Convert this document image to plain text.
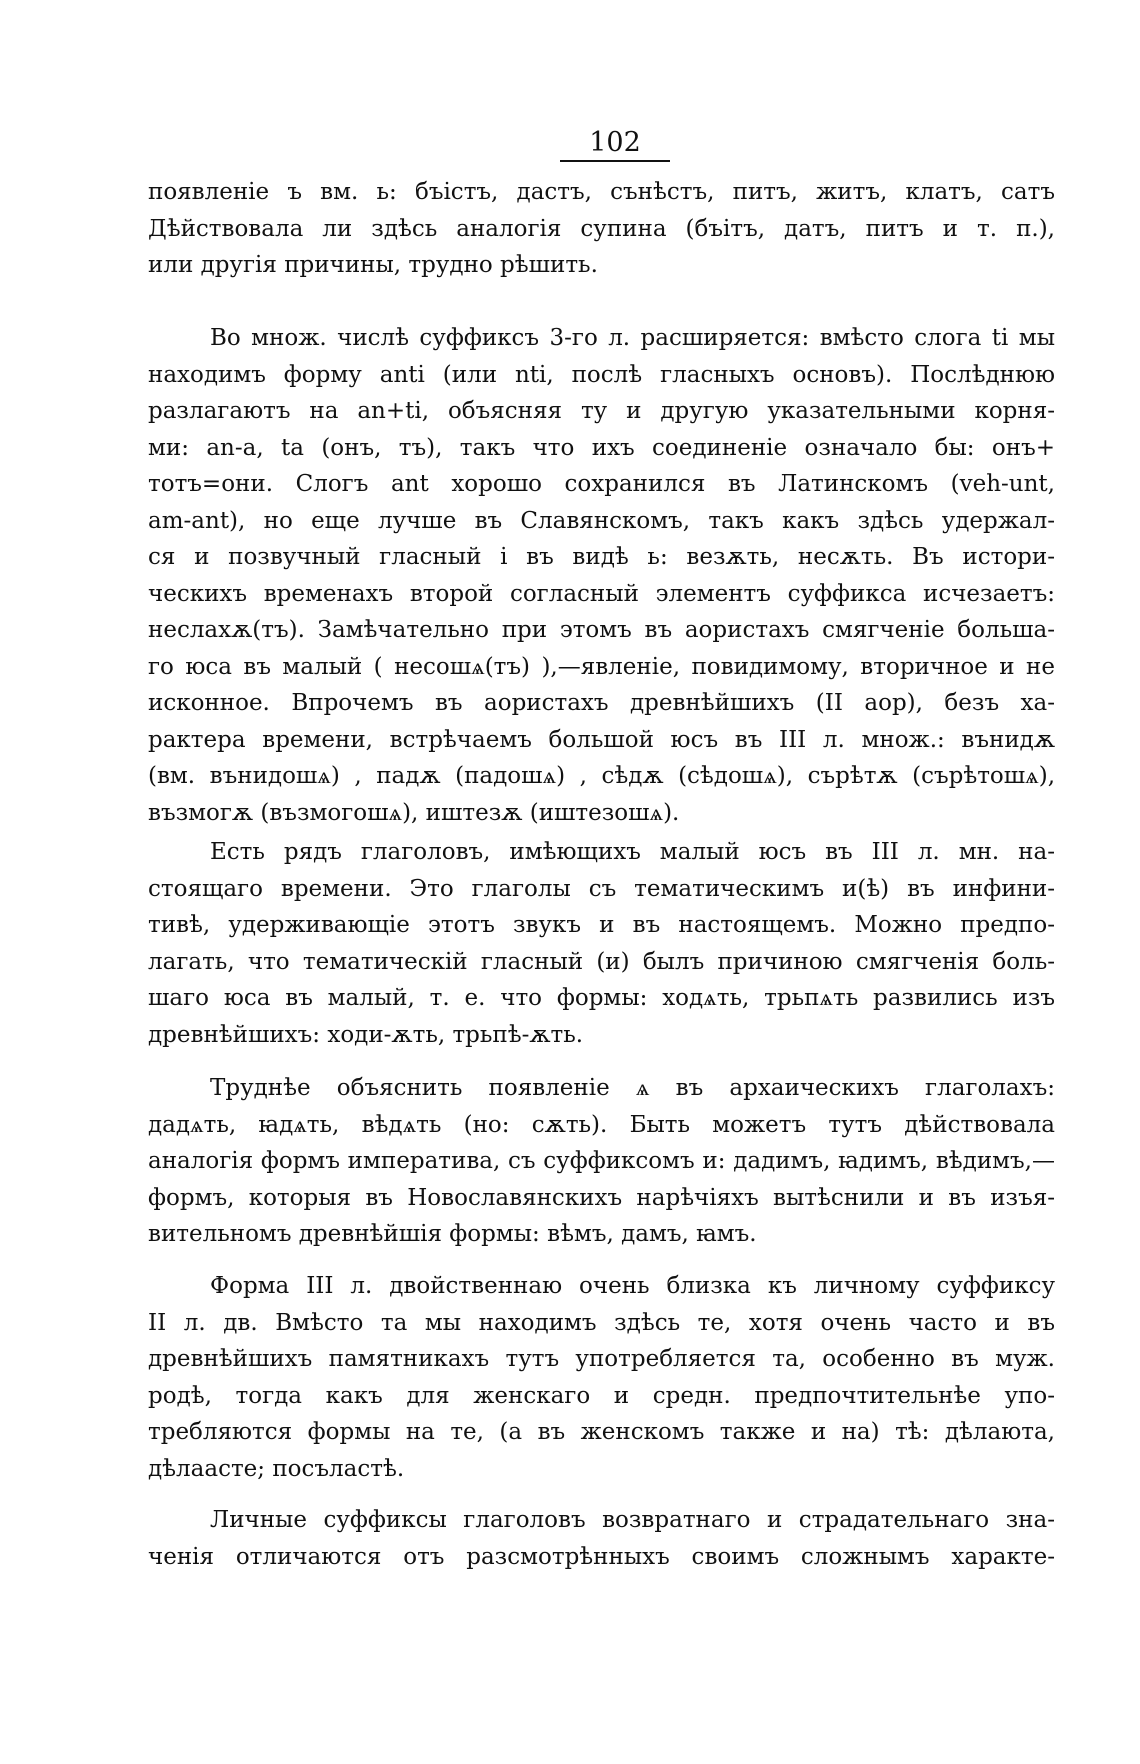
102
появленіе ъ вм. ь: бъістъ, дастъ, сънѣстъ, питъ, житъ, клатъ, сатъ
Дѣйствовала ли здѣсь аналогія супина (бъітъ, датъ, питъ и т. п.),
или другія причины, трудно рѣшить.
Во множ. числѣ суффиксъ 3-го л. расширяется: вмѣсто слога ti мы
находимъ форму anti (или nti, послѣ гласныхъ основъ). Послѣднюю
разлагаютъ на an+ti, объясняя ту и другую указательными корня-
ми: an-a, ta (онъ, тъ), такъ что ихъ соединеніе означало бы: онъ+
тотъ=они. Слогъ ant хорошо сохранился въ Латинскомъ (veh-unt,
am-ant), но еще лучше въ Славянскомъ, такъ какъ здѣсь удержал-
ся и позвучный гласный і въ видѣ ь: везѫть, несѫть. Въ истори-
ческихъ временахъ второй согласный элементъ суффикса исчезаетъ:
неслахѫ(тъ). Замѣчательно при этомъ въ аористахъ смягченіе большa-
го юса въ малый ( несошѧ(тъ) ),—явленіе, повидимому, вторичное и не
исконное. Впрочемъ въ аористахъ древнѣйшихъ (II аор), безъ ха-
рактера времени, встрѣчаемъ большой юсъ въ III л. множ.: вънидѫ
(вм. вънидошѧ) , падѫ (падошѧ) , сѣдѫ (сѣдошѧ), сърѣтѫ (сърѣтошѧ),
възмогѫ (възмогошѧ), иштезѫ (иштезошѧ).
Есть рядъ глаголовъ, имѣющихъ малый юсъ въ III л. мн. на-
стоящаго времени. Это глаголы съ тематическимъ и(ѣ) въ инфини-
тивѣ, удерживающіе этотъ звукъ и въ настоящемъ. Можно предпо-
лагать, что тематическій гласный (и) былъ причиною смягченія боль-
шаго юса въ малый, т. е. что формы: ходѧть, трьпѧть развились изъ
древнѣйшихъ: ходи-ѫть, трьпѣ-ѫть.
Труднѣе объяснить появленіе ѧ въ архаическихъ глаголахъ:
дадѧть, ꙗдѧть, вѣдѧть (но: сѫть). Быть можетъ тутъ дѣйствовала
аналогія формъ императива, съ суффиксомъ и: дадимъ, ꙗдимъ, вѣдимъ,—
формъ, которыя въ Новославянскихъ нарѣчіяхъ вытѣснили и въ изъя-
вительномъ древнѣйшія формы: вѣмъ, дамъ, ꙗмъ.
Форма III л. двойственнаю очень близка къ личному суффиксу
II л. дв. Вмѣсто та мы находимъ здѣсь те, хотя очень часто и въ
древнѣйшихъ памятникахъ тутъ употребляется та, особенно въ муж.
родѣ, тогда какъ для женскаго и средн. предпочтительнѣе упо-
требляются формы на те, (а въ женскомъ также и на) тѣ: дѣлаюта,
дѣлаасте; посъластѣ.
Личные суффиксы глаголовъ возвратнаго и страдательнаго зна-
ченія отличаются отъ разсмотрѣнныхъ своимъ сложнымъ характе-
